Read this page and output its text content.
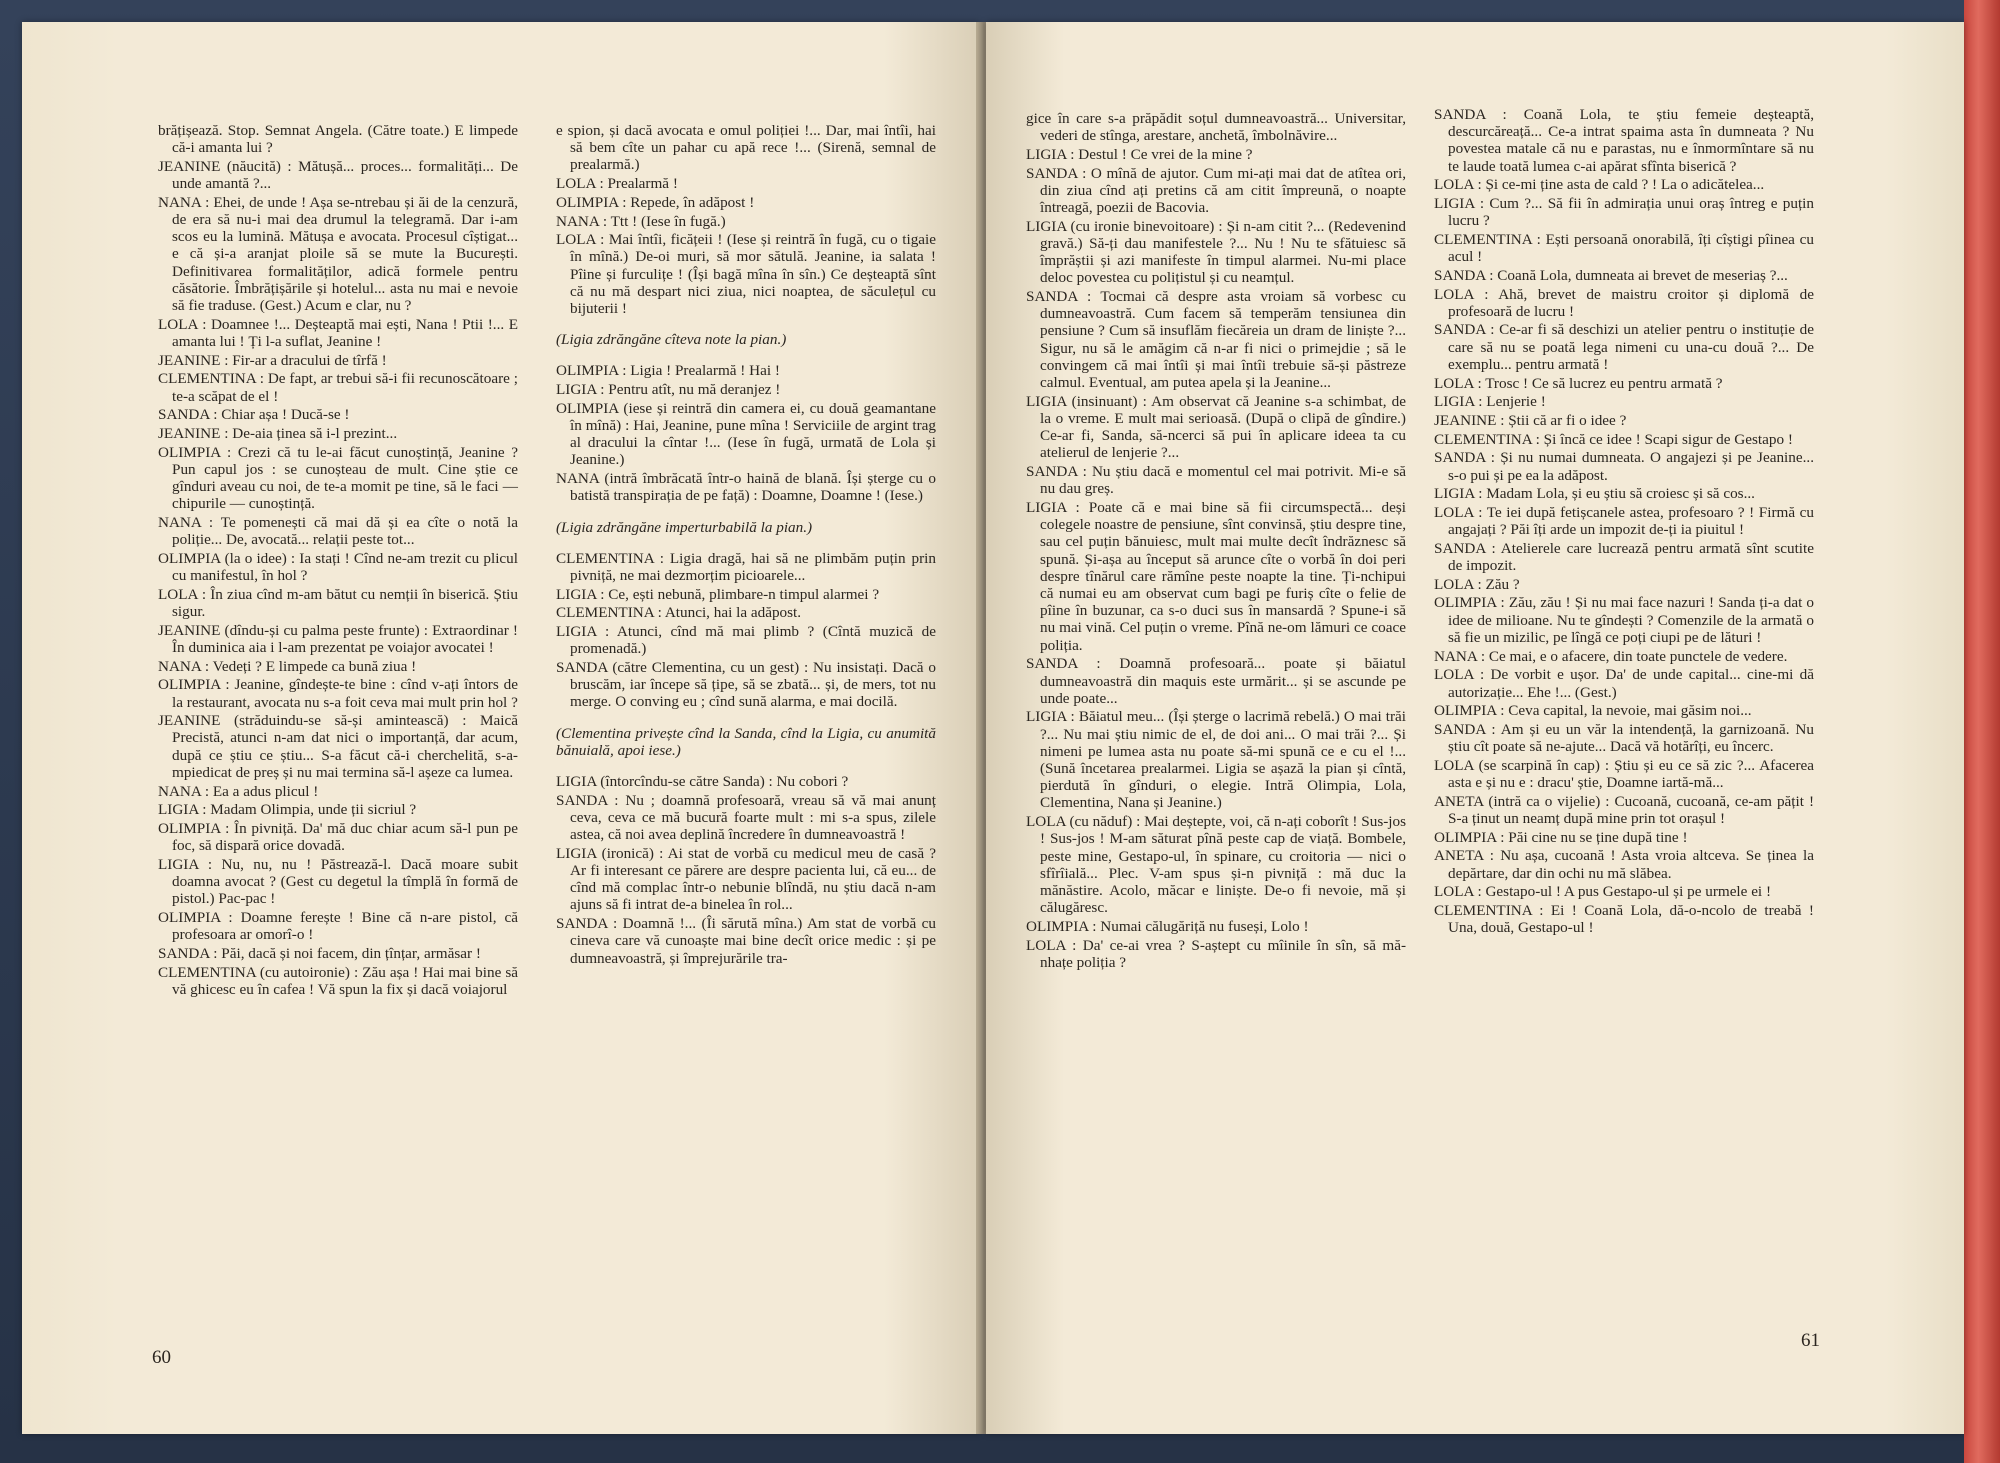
brățișează. Stop. Semnat Angela. (Către toate.) E limpede că-i amanta lui ?

JEANINE (năucită) : Mătușă... proces... formalități... De unde amantă ?...

NANA : Ehei, de unde ! Așa se-ntrebau și ăi de la cenzură, de era să nu-i mai dea drumul la telegramă. Dar i-am scos eu la lumină. Mătușa e avocata. Procesul cîștigat... e că și-a aranjat ploile să se mute la București. Definitivarea formalităților, adică formele pentru căsătorie. Îmbrățișările și hotelul... asta nu mai e nevoie să fie traduse. (Gest.) Acum e clar, nu ?

LOLA : Doamnee !... Deșteaptă mai ești, Nana ! Ptii !... E amanta lui ! Ți l-a suflat, Jeanine !

JEANINE : Fir-ar a dracului de tîrfă !

CLEMENTINA : De fapt, ar trebui să-i fii recunoscătoare ; te-a scăpat de el !

SANDA : Chiar așa ! Ducă-se !

JEANINE : De-aia ținea să i-l prezint...

OLIMPIA : Crezi că tu le-ai făcut cunoștință, Jeanine ? Pun capul jos : se cunoșteau de mult. Cine știe ce gînduri aveau cu noi, de te-a momit pe tine, să le faci — chipurile — cunoștință.

NANA : Te pomenești că mai dă și ea cîte o notă la poliție... De, avocată... relații peste tot...

OLIMPIA (la o idee) : Ia stați ! Cînd ne-am trezit cu plicul cu manifestul, în hol ?

LOLA : În ziua cînd m-am bătut cu nemții în biserică. Știu sigur.

JEANINE (dîndu-și cu palma peste frunte) : Extraordinar ! În duminica aia i l-am prezentat pe voiajor avocatei !

NANA : Vedeți ? E limpede ca bună ziua !

OLIMPIA : Jeanine, gîndește-te bine : cînd v-ați întors de la restaurant, avocata nu s-a foit ceva mai mult prin hol ?

JEANINE (străduindu-se să-și amintească) : Maică Precistă, atunci n-am dat nici o importanță, dar acum, după ce știu ce știu... S-a făcut că-i cherchelită, s-a-mpiedicat de preș și nu mai termina să-l așeze ca lumea.

NANA : Ea a adus plicul !

LIGIA : Madam Olimpia, unde ții sicriul ?

OLIMPIA : În pivniță. Da' mă duc chiar acum să-l pun pe foc, să dispară orice dovadă.

LIGIA : Nu, nu, nu ! Păstrează-l. Dacă moare subit doamna avocat ? (Gest cu degetul la tîmplă în formă de pistol.) Pac-pac !

OLIMPIA : Doamne ferește ! Bine că n-are pistol, că profesoara ar omorî-o !

SANDA : Păi, dacă și noi facem, din țînțar, armăsar !

CLEMENTINA (cu autoironie) : Zău așa ! Hai mai bine să vă ghicesc eu în cafea ! Vă spun la fix și dacă voiajorul

e spion, și dacă avocata e omul poliției !... Dar, mai întîi, hai să bem cîte un pahar cu apă rece !... (Sirenă, semnal de prealarmă.)

LOLA : Prealarmă !

OLIMPIA : Repede, în adăpost !

NANA : Ttt ! (Iese în fugă.)

LOLA : Mai întîi, ficățeii ! (Iese și reintră în fugă, cu o tigaie în mînă.) De-oi muri, să mor sătulă. Jeanine, ia salata ! Pîine și furculițe ! (Își bagă mîna în sîn.) Ce deșteaptă sînt că nu mă despart nici ziua, nici noaptea, de săculețul cu bijuterii !

(Ligia zdrăngăne cîteva note la pian.)

OLIMPIA : Ligia ! Prealarmă ! Hai !

LIGIA : Pentru atît, nu mă deranjez !

OLIMPIA (iese și reintră din camera ei, cu două geamantane în mînă) : Hai, Jeanine, pune mîna ! Serviciile de argint trag al dracului la cîntar !... (Iese în fugă, urmată de Lola și Jeanine.)

NANA (intră îmbrăcată într-o haină de blană. Își șterge cu o batistă transpirația de pe față) : Doamne, Doamne ! (Iese.)

(Ligia zdrăngăne imperturbabilă la pian.)

CLEMENTINA : Ligia dragă, hai să ne plimbăm puțin prin pivniță, ne mai dezmorțim picioarele...

LIGIA : Ce, ești nebună, plimbare-n timpul alarmei ?

CLEMENTINA : Atunci, hai la adăpost.

LIGIA : Atunci, cînd mă mai plimb ? (Cîntă muzică de promenadă.)

SANDA (către Clementina, cu un gest) : Nu insistați. Dacă o bruscăm, iar începe să țipe, să se zbată... și, de mers, tot nu merge. O conving eu ; cînd sună alarma, e mai docilă.

(Clementina privește cînd la Sanda, cînd la Ligia, cu anumită bănuială, apoi iese.)

LIGIA (întorcîndu-se către Sanda) : Nu cobori ?

SANDA : Nu ; doamnă profesoară, vreau să vă mai anunț ceva, ceva ce mă bucură foarte mult : mi s-a spus, zilele astea, că noi avea deplină încredere în dumneavoastră !

LIGIA (ironică) : Ai stat de vorbă cu medicul meu de casă ? Ar fi interesant ce părere are despre pacienta lui, că eu... de cînd mă complac într-o nebunie blîndă, nu știu dacă n-am ajuns să fi intrat de-a binelea în rol...

SANDA : Doamnă !... (Îi sărută mîna.) Am stat de vorbă cu cineva care vă cunoaște mai bine decît orice medic : și pe dumneavoastră, și împrejurările tra-

60

gice în care s-a prăpădit soțul dumneavoastră... Universitar, vederi de stînga, arestare, anchetă, îmbolnăvire...

LIGIA : Destul ! Ce vrei de la mine ?

SANDA : O mînă de ajutor. Cum mi-ați mai dat de atîtea ori, din ziua cînd ați pretins că am citit împreună, o noapte întreagă, poezii de Bacovia.

LIGIA (cu ironie binevoitoare) : Și n-am citit ?... (Redevenind gravă.) Să-ți dau manifestele ?... Nu ! Nu te sfătuiesc să împrăștii și azi manifeste în timpul alarmei. Nu-mi place deloc povestea cu polițistul și cu neamțul.

SANDA : Tocmai că despre asta vroiam să vorbesc cu dumneavoastră. Cum facem să temperăm tensiunea din pensiune ? Cum să insuflăm fiecăreia un dram de liniște ?... Sigur, nu să le amăgim că n-ar fi nici o primejdie ; să le convingem că mai întîi și mai întîi trebuie să-și păstreze calmul. Eventual, am putea apela și la Jeanine...

LIGIA (insinuant) : Am observat că Jeanine s-a schimbat, de la o vreme. E mult mai serioasă. (După o clipă de gîndire.) Ce-ar fi, Sanda, să-ncerci să pui în aplicare ideea ta cu atelierul de lenjerie ?...

SANDA : Nu știu dacă e momentul cel mai potrivit. Mi-e să nu dau greș.

LIGIA : Poate că e mai bine să fii circumspectă... deși colegele noastre de pensiune, sînt convinsă, știu despre tine, sau cel puțin bănuiesc, mult mai multe decît îndrăznesc să spună. Și-așa au început să arunce cîte o vorbă în doi peri despre tînărul care rămîne peste noapte la tine. Ți-nchipui că numai eu am observat cum bagi pe furiș cîte o felie de pîine în buzunar, ca s-o duci sus în mansardă ? Spune-i să nu mai vină. Cel puțin o vreme. Pînă ne-om lămuri ce coace poliția.

SANDA : Doamnă profesoară... poate și băiatul dumneavoastră din maquis este urmărit... și se ascunde pe unde poate...

LIGIA : Băiatul meu... (Își șterge o lacrimă rebelă.) O mai trăi ?... Nu mai știu nimic de el, de doi ani... O mai trăi ?... Și nimeni pe lumea asta nu poate să-mi spună ce e cu el !... (Sună încetarea prealarmei. Ligia se așază la pian și cîntă, pierdută în gînduri, o elegie. Intră Olimpia, Lola, Clementina, Nana și Jeanine.)

LOLA (cu năduf) : Mai deștepte, voi, că n-ați coborît ! Sus-jos ! Sus-jos ! M-am săturat pînă peste cap de viață. Bombele, peste mine, Gestapo-ul, în spinare, cu croitoria — nici o sfîrîială... Plec. V-am spus și-n pivniță : mă duc la mănăstire. Acolo, măcar e liniște. De-o fi nevoie, mă și călugăresc.

OLIMPIA : Numai călugăriță nu fuseși, Lolo !

LOLA : Da' ce-ai vrea ? S-aștept cu mîinile în sîn, să mă-nhațe poliția ?

SANDA : Coană Lola, te știu femeie deșteaptă, descurcăreață... Ce-a intrat spaima asta în dumneata ? Nu povestea matale că nu e parastas, nu e înmormîntare să nu te laude toată lumea c-ai apărat sfînta biserică ?

LOLA : Și ce-mi ține asta de cald ? ! La o adicătelea...

LIGIA : Cum ?... Să fii în admirația unui oraș întreg e puțin lucru ?

CLEMENTINA : Ești persoană onorabilă, îți cîștigi pîinea cu acul !

SANDA : Coană Lola, dumneata ai brevet de meseriaș ?...

LOLA : Ahă, brevet de maistru croitor și diplomă de profesoară de lucru !

SANDA : Ce-ar fi să deschizi un atelier pentru o instituție de care să nu se poată lega nimeni cu una-cu două ?... De exemplu... pentru armată !

LOLA : Trosc ! Ce să lucrez eu pentru armată ?

LIGIA : Lenjerie !

JEANINE : Știi că ar fi o idee ?

CLEMENTINA : Și încă ce idee ! Scapi sigur de Gestapo !

SANDA : Și nu numai dumneata. O angajezi și pe Jeanine... s-o pui și pe ea la adăpost.

LIGIA : Madam Lola, și eu știu să croiesc și să cos...

LOLA : Te iei după fetișcanele astea, profesoaro ? ! Firmă cu angajați ? Păi îți arde un impozit de-ți ia piuitul !

SANDA : Atelierele care lucrează pentru armată sînt scutite de impozit.

LOLA : Zău ?

OLIMPIA : Zău, zău ! Și nu mai face nazuri ! Sanda ți-a dat o idee de milioane. Nu te gîndești ? Comenzile de la armată o să fie un mizilic, pe lîngă ce poți ciupi pe de lături !

NANA : Ce mai, e o afacere, din toate punctele de vedere.

LOLA : De vorbit e ușor. Da' de unde capital... cine-mi dă autorizație... Ehe !... (Gest.)

OLIMPIA : Ceva capital, la nevoie, mai găsim noi...

SANDA : Am și eu un văr la intendență, la garnizoană. Nu știu cît poate să ne-ajute... Dacă vă hotărîți, eu încerc.

LOLA (se scarpină în cap) : Știu și eu ce să zic ?... Afacerea asta e și nu e : dracu' știe, Doamne iartă-mă...

ANETA (intră ca o vijelie) : Cucoană, cucoană, ce-am pățit ! S-a ținut un neamț după mine prin tot orașul !

OLIMPIA : Păi cine nu se ține după tine !

ANETA : Nu așa, cucoană ! Asta vroia altceva. Se ținea la depărtare, dar din ochi nu mă slăbea.

LOLA : Gestapo-ul ! A pus Gestapo-ul și pe urmele ei !

CLEMENTINA : Ei ! Coană Lola, dă-o-ncolo de treabă ! Una, două, Gestapo-ul !

61
